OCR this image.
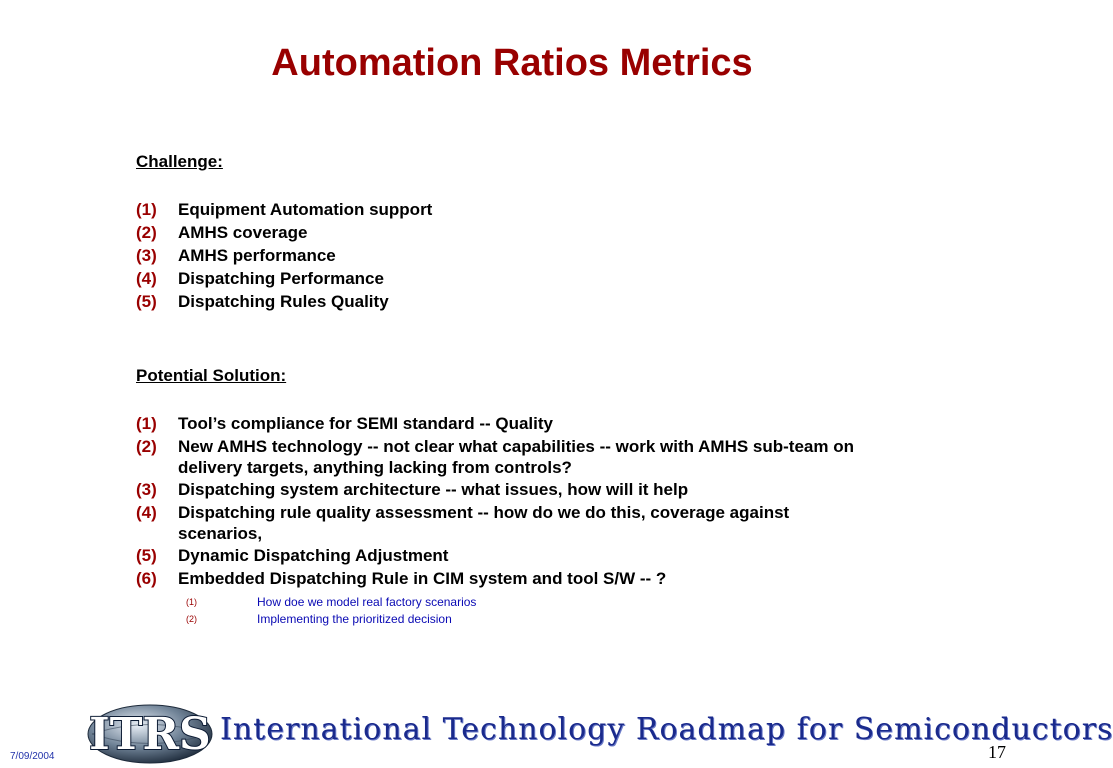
Automation Ratios Metrics
Challenge:
(1)	Equipment Automation support
(2)	AMHS coverage
(3)	AMHS performance
(4)	Dispatching Performance
(5)	Dispatching Rules Quality
Potential Solution:
(1)	Tool’s compliance for SEMI standard -- Quality
(2)	New AMHS technology -- not clear what capabilities -- work with AMHS sub-team on delivery targets, anything lacking from controls?
(3)	Dispatching system architecture -- what issues, how will it help
(4)	Dispatching rule quality assessment -- how do we do this, coverage against scenarios,
(5)	Dynamic Dispatching Adjustment
(6)	Embedded Dispatching Rule in CIM system and tool S/W -- ?
(1)	How doe we model real factory scenarios
(2)	Implementing the prioritized decision
ITRS International Technology Roadmap for Semiconductors
7/09/2004	17
